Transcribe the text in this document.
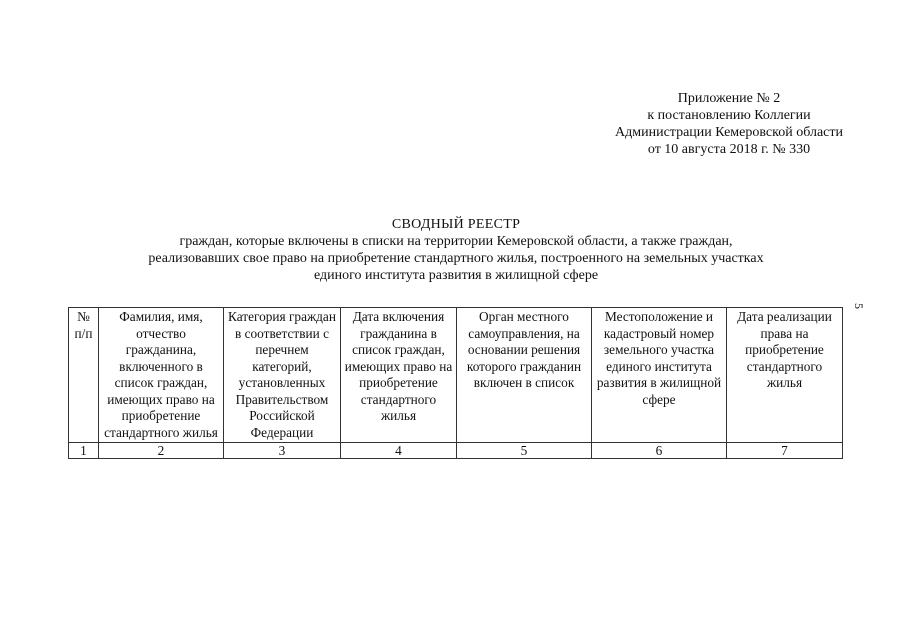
Приложение № 2
к постановлению Коллегии
Администрации Кемеровской области
от 10 августа 2018 г. № 330
5
СВОДНЫЙ РЕЕСТР
граждан, которые включены в списки на территории Кемеровской области, а также граждан,
реализовавших свое право на приобретение стандартного жилья, построенного на земельных участках
единого института развития в жилищной сфере
№ п/п	Фамилия, имя, отчество гражданина, включенного в список граждан, имеющих право на приобретение стандартного жилья	Категория граждан в соответствии с перечнем категорий, установленных Правительством Российской Федерации	Дата включения гражданина в список граждан, имеющих право на приобретение стандартного жилья	Орган местного самоуправления, на основании решения которого гражданин включен в список	Местоположение и кадастровый номер земельного участка единого института развития в жилищной сфере	Дата реализации права на приобретение стандартного жилья
1	2	3	4	5	6	7
